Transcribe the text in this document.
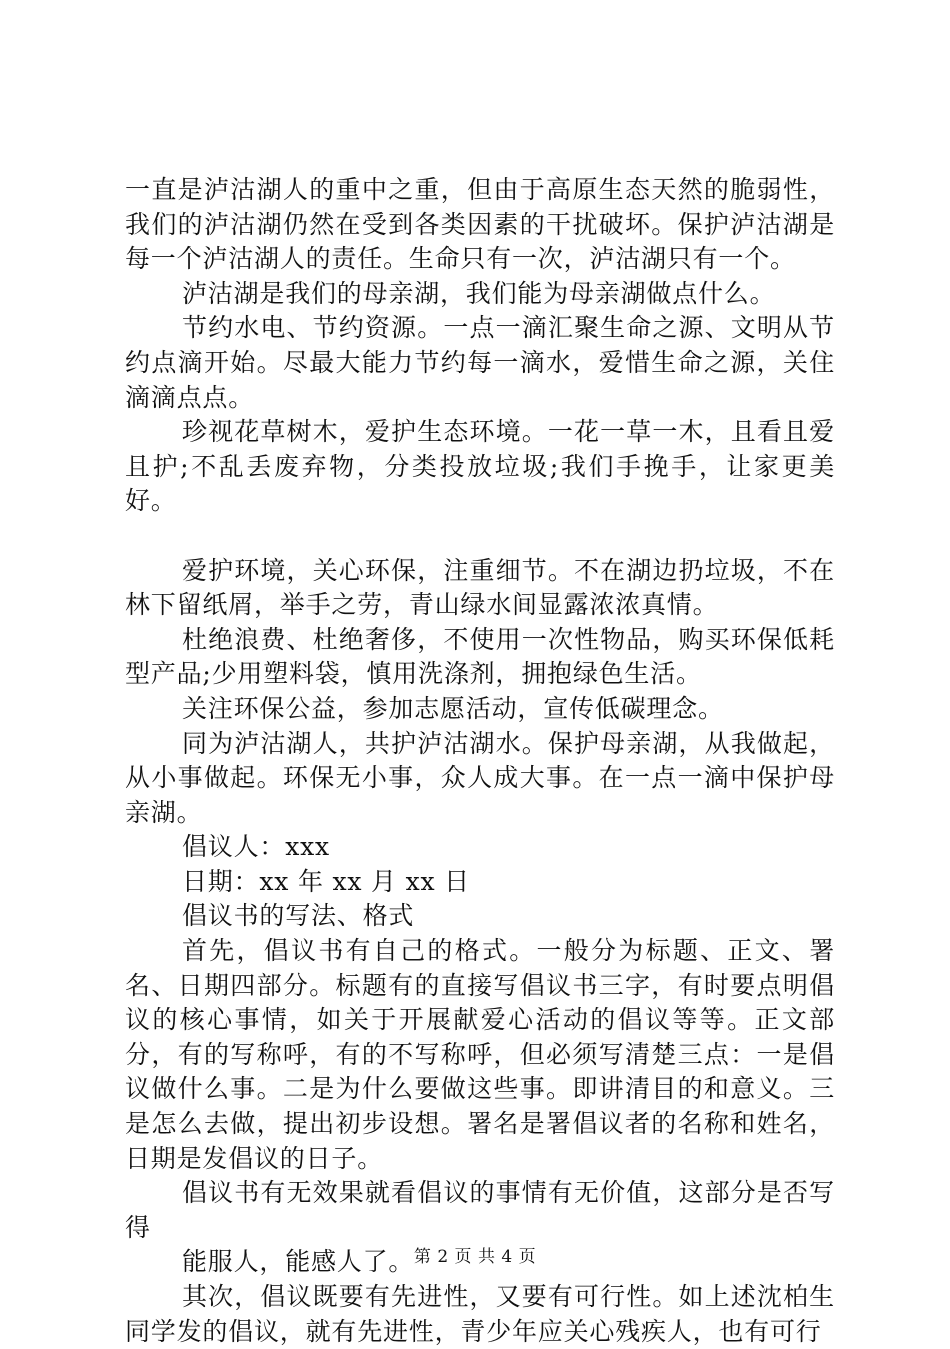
一直是泸沽湖人的重中之重，但由于高原生态天然的脆弱性，我们的泸沽湖仍然在受到各类因素的干扰破坏。保护泸沽湖是每一个泸沽湖人的责任。生命只有一次，泸沽湖只有一个。

泸沽湖是我们的母亲湖，我们能为母亲湖做点什么。

节约水电、节约资源。一点一滴汇聚生命之源、文明从节约点滴开始。尽最大能力节约每一滴水，爱惜生命之源，关住滴滴点点。

珍视花草树木，爱护生态环境。一花一草一木，且看且爱且护;不乱丢废弃物，分类投放垃圾;我们手挽手，让家更美好。

爱护环境，关心环保，注重细节。不在湖边扔垃圾，不在林下留纸屑，举手之劳，青山绿水间显露浓浓真情。

杜绝浪费、杜绝奢侈，不使用一次性物品，购买环保低耗型产品;少用塑料袋，慎用洗涤剂，拥抱绿色生活。

关注环保公益，参加志愿活动，宣传低碳理念。

同为泸沽湖人，共护泸沽湖水。保护母亲湖，从我做起，从小事做起。环保无小事，众人成大事。在一点一滴中保护母亲湖。

倡议人：xxx

日期：xx 年 xx 月 xx 日

倡议书的写法、格式

首先，倡议书有自己的格式。一般分为标题、正文、署名、日期四部分。标题有的直接写倡议书三字，有时要点明倡议的核心事情，如关于开展献爱心活动的倡议等等。正文部分，有的写称呼，有的不写称呼，但必须写清楚三点：一是倡议做什么事。二是为什么要做这些事。即讲清目的和意义。三是怎么去做，提出初步设想。署名是署倡议者的名称和姓名，日期是发倡议的日子。

倡议书有无效果就看倡议的事情有无价值，这部分是否写得

能服人，能感人了。

其次，倡议既要有先进性，又要有可行性。如上述沈柏生同学发的倡议，就有先进性，青少年应关心残疾人，也有可行

第 2 页 共 4 页
